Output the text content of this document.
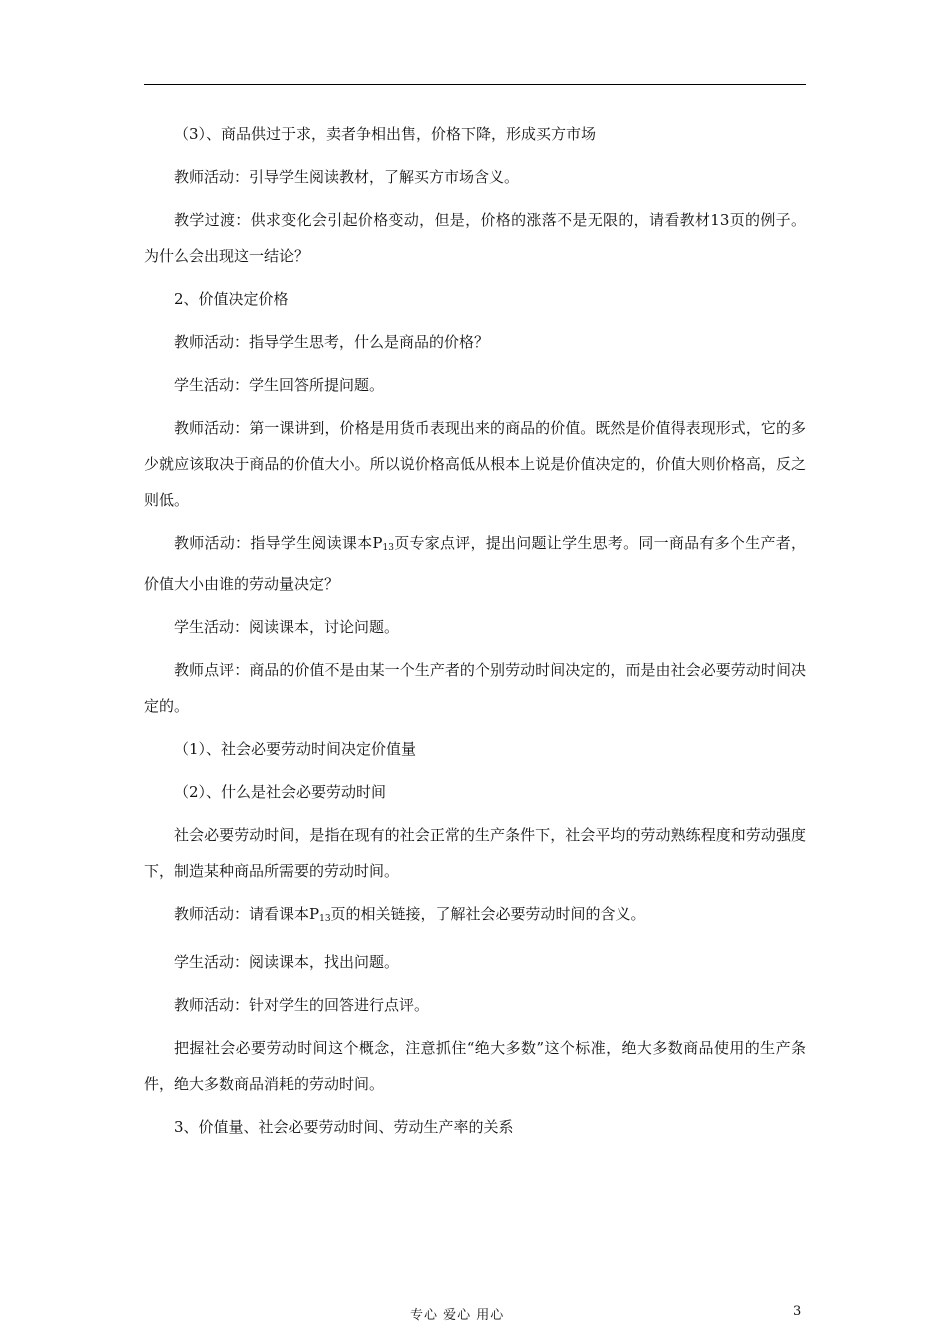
（3）、商品供过于求，卖者争相出售，价格下降，形成买方市场

教师活动：引导学生阅读教材，了解买方市场含义。

教学过渡：供求变化会引起价格变动，但是，价格的涨落不是无限的，请看教材13页的例子。为什么会出现这一结论？

2、价值决定价格

教师活动：指导学生思考，什么是商品的价格？

学生活动：学生回答所提问题。

教师活动：第一课讲到，价格是用货币表现出来的商品的价值。既然是价值得表现形式，它的多少就应该取决于商品的价值大小。所以说价格高低从根本上说是价值决定的，价值大则价格高，反之则低。

教师活动：指导学生阅读课本$P_{13}$页专家点评，提出问题让学生思考。同一商品有多个生产者，价值大小由谁的劳动量决定？

学生活动：阅读课本，讨论问题。

教师点评：商品的价值不是由某一个生产者的个别劳动时间决定的，而是由社会必要劳动时间决定的。

（1）、社会必要劳动时间决定价值量

（2）、什么是社会必要劳动时间

社会必要劳动时间，是指在现有的社会正常的生产条件下，社会平均的劳动熟练程度和劳动强度下，制造某种商品所需要的劳动时间。

教师活动：请看课本$P_{13}$页的相关链接，了解社会必要劳动时间的含义。

学生活动：阅读课本，找出问题。

教师活动：针对学生的回答进行点评。

把握社会必要劳动时间这个概念，注意抓住“绝大多数”这个标准，绝大多数商品使用的生产条件，绝大多数商品消耗的劳动时间。

3、价值量、社会必要劳动时间、劳动生产率的关系

专心 爱心 用心	3
